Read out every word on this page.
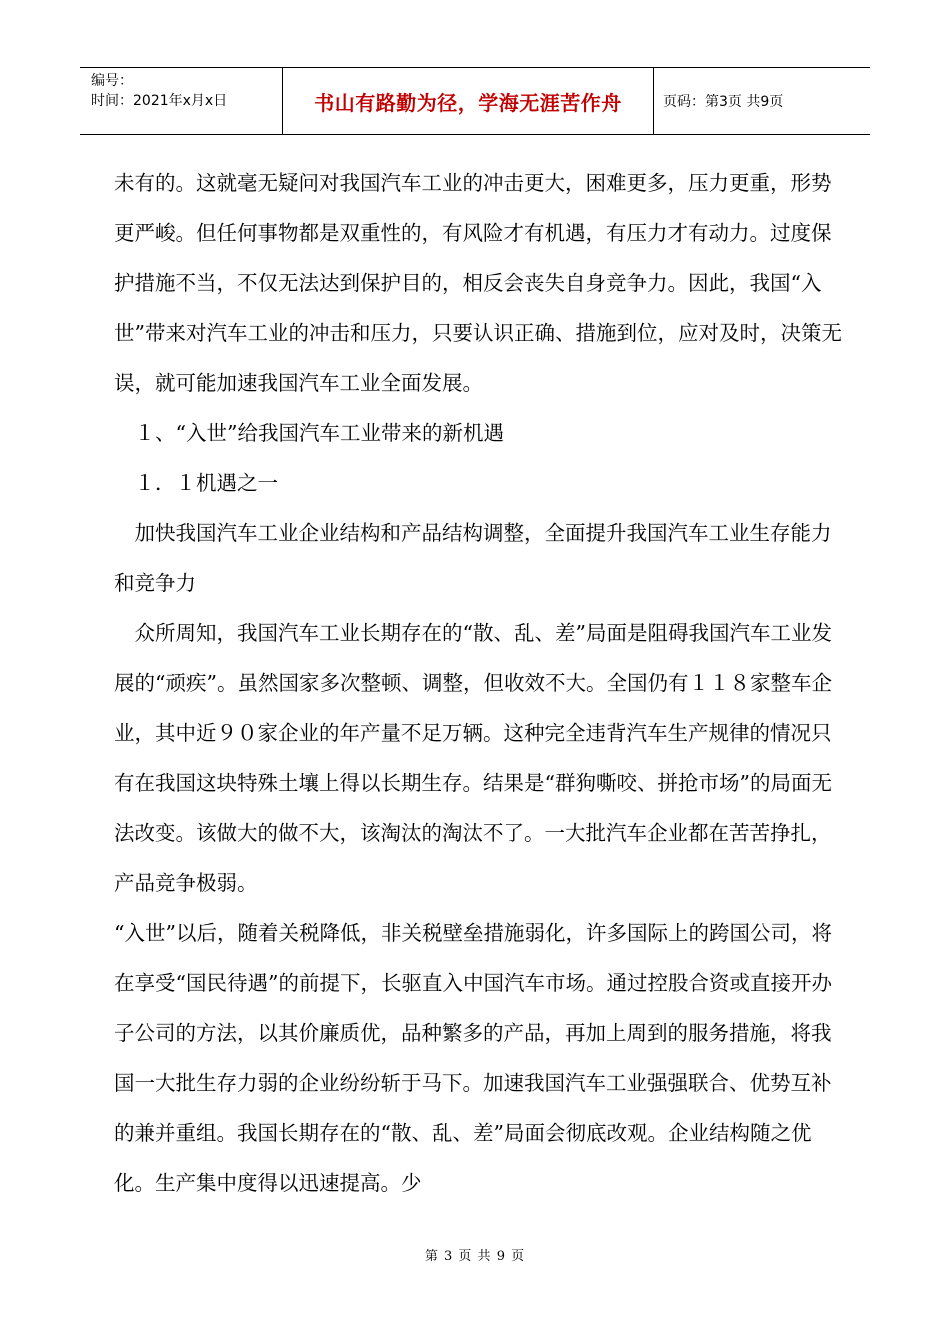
编号：
时间：2021年x月x日	书山有路勤为径，学海无涯苦作舟	页码：第3页 共9页

未有的。这就毫无疑问对我国汽车工业的冲击更大，困难更多，压力更重，形势更严峻。但任何事物都是双重性的，有风险才有机遇，有压力才有动力。过度保护措施不当，不仅无法达到保护目的，相反会丧失自身竞争力。因此，我国“入世”带来对汽车工业的冲击和压力，只要认识正确、措施到位，应对及时，决策无误，就可能加速我国汽车工业全面发展。

　１、“入世”给我国汽车工业带来的新机遇

　１．１机遇之一

　加快我国汽车工业企业结构和产品结构调整，全面提升我国汽车工业生存能力和竞争力

　众所周知，我国汽车工业长期存在的“散、乱、差”局面是阻碍我国汽车工业发展的“顽疾”。虽然国家多次整顿、调整，但收效不大。全国仍有１１８家整车企业，其中近９０家企业的年产量不足万辆。这种完全违背汽车生产规律的情况只有在我国这块特殊土壤上得以长期生存。结果是“群狗嘶咬、拼抢市场”的局面无法改变。该做大的做不大，该淘汰的淘汰不了。一大批汽车企业都在苦苦挣扎，产品竞争极弱。

“入世”以后，随着关税降低，非关税壁垒措施弱化，许多国际上的跨国公司，将在享受“国民待遇”的前提下，长驱直入中国汽车市场。通过控股合资或直接开办子公司的方法，以其价廉质优，品种繁多的产品，再加上周到的服务措施，将我国一大批生存力弱的企业纷纷斩于马下。加速我国汽车工业强强联合、优势互补的兼并重组。我国长期存在的“散、乱、差”局面会彻底改观。企业结构随之优化。生产集中度得以迅速提高。少

第 3 页 共 9 页
